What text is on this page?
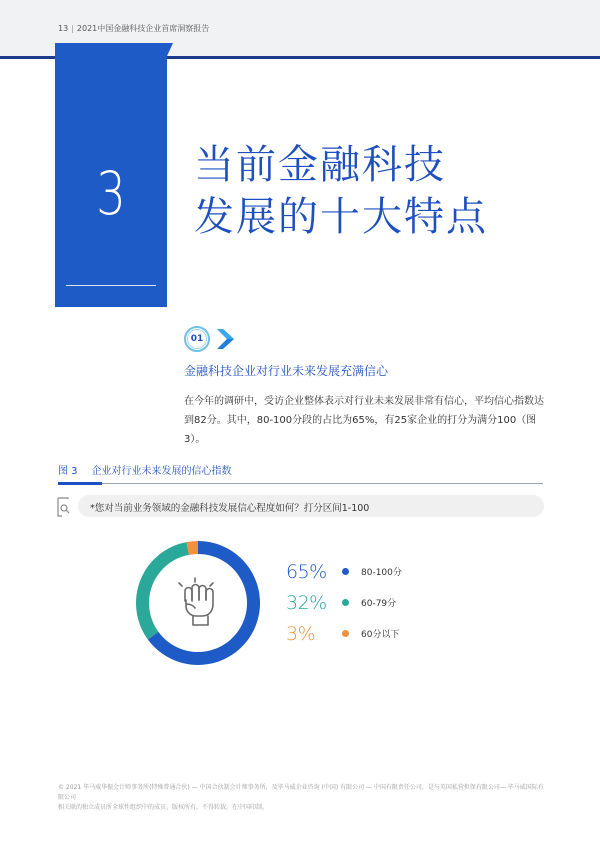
13 | 2021中国金融科技企业首席洞察报告
3	当前金融科技
发展的十大特点
01
金融科技企业对行业未来发展充满信心
在今年的调研中，受访企业整体表示对行业未来发展非常有信心，平均信心指数达到82分。其中，80-100分段的占比为65%，有25家企业的打分为满分100（图3）。
图 3 企业对行业未来发展的信心指数
*您对当前业务领域的金融科技发展信心程度如何？打分区间1-100
65%	80-100分
32%	60-79分
3%	60分以下
© 2021 毕马威华振会计师事务所(特殊普通合伙) — 中国合伙制会计师事务所，及毕马威企业咨询 (中国) 有限公司 — 中国有限责任公司，是与英国私营担保有限公司— 毕马威国际有限公司
相关联的独立成员所全球性组织中的成员。版权所有，不得转载。在中国印制。
